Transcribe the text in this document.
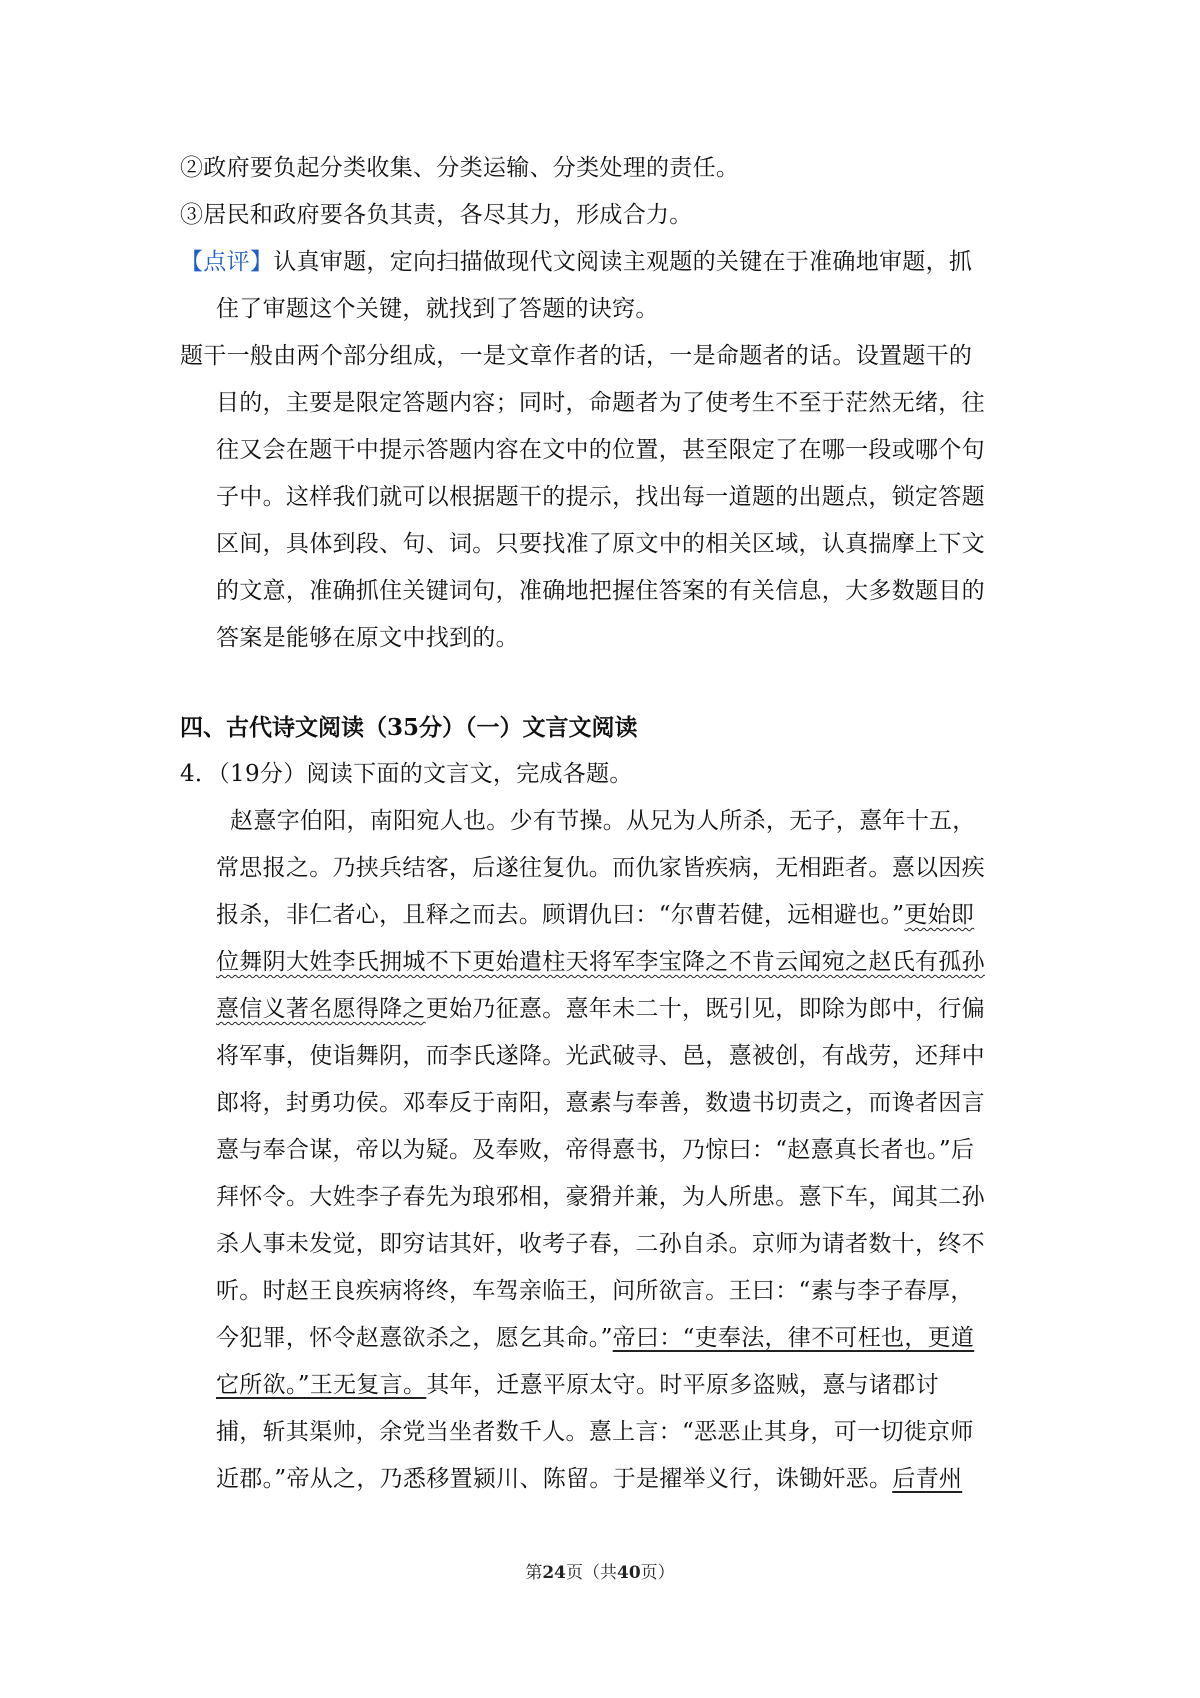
②政府要负起分类收集、分类运输、分类处理的责任。
③居民和政府要各负其责，各尽其力，形成合力。
【点评】认真审题，定向扫描做现代文阅读主观题的关键在于准确地审题，抓
住了审题这个关键，就找到了答题的诀窍。
题干一般由两个部分组成，一是文章作者的话，一是命题者的话。设置题干的
目的，主要是限定答题内容；同时，命题者为了使考生不至于茫然无绪，往
往又会在题干中提示答题内容在文中的位置，甚至限定了在哪一段或哪个句
子中。这样我们就可以根据题干的提示，找出每一道题的出题点，锁定答题
区间，具体到段、句、词。只要找准了原文中的相关区域，认真揣摩上下文
的文意，准确抓住关键词句，准确地把握住答案的有关信息，大多数题目的
答案是能够在原文中找到的。
四、古代诗文阅读（35分）（一）文言文阅读
4．（19分）阅读下面的文言文，完成各题。
赵憙字伯阳，南阳宛人也。少有节操。从兄为人所杀，无子，憙年十五，
常思报之。乃挟兵结客，后遂往复仇。而仇家皆疾病，无相距者。憙以因疾
报杀，非仁者心，且释之而去。顾谓仇曰：“尔曹若健，远相避也。”更始即
位舞阴大姓李氏拥城不下更始遣柱天将军李宝降之不肯云闻宛之赵氏有孤孙
憙信义著名愿得降之更始乃征憙。憙年未二十，既引见，即除为郎中，行偏
将军事，使诣舞阴，而李氏遂降。光武破寻、邑，憙被创，有战劳，还拜中
郎将，封勇功侯。邓奉反于南阳，憙素与奉善，数遗书切责之，而谗者因言
憙与奉合谋，帝以为疑。及奉败，帝得憙书，乃惊曰：“赵憙真长者也。”后
拜怀令。大姓李子春先为琅邪相，豪猾并兼，为人所患。憙下车，闻其二孙
杀人事未发觉，即穷诘其奸，收考子春，二孙自杀。京师为请者数十，终不
听。时赵王良疾病将终，车驾亲临王，问所欲言。王曰：“素与李子春厚，
今犯罪，怀令赵憙欲杀之，愿乞其命。”帝曰：“吏奉法，律不可枉也，更道
它所欲。”王无复言。其年，迁憙平原太守。时平原多盗贼，憙与诸郡讨
捕，斩其渠帅，余党当坐者数千人。憙上言：“恶恶止其身，可一切徙京师
近郡。”帝从之，乃悉移置颍川、陈留。于是擢举义行，诛锄奸恶。后青州
第24页（共40页）
